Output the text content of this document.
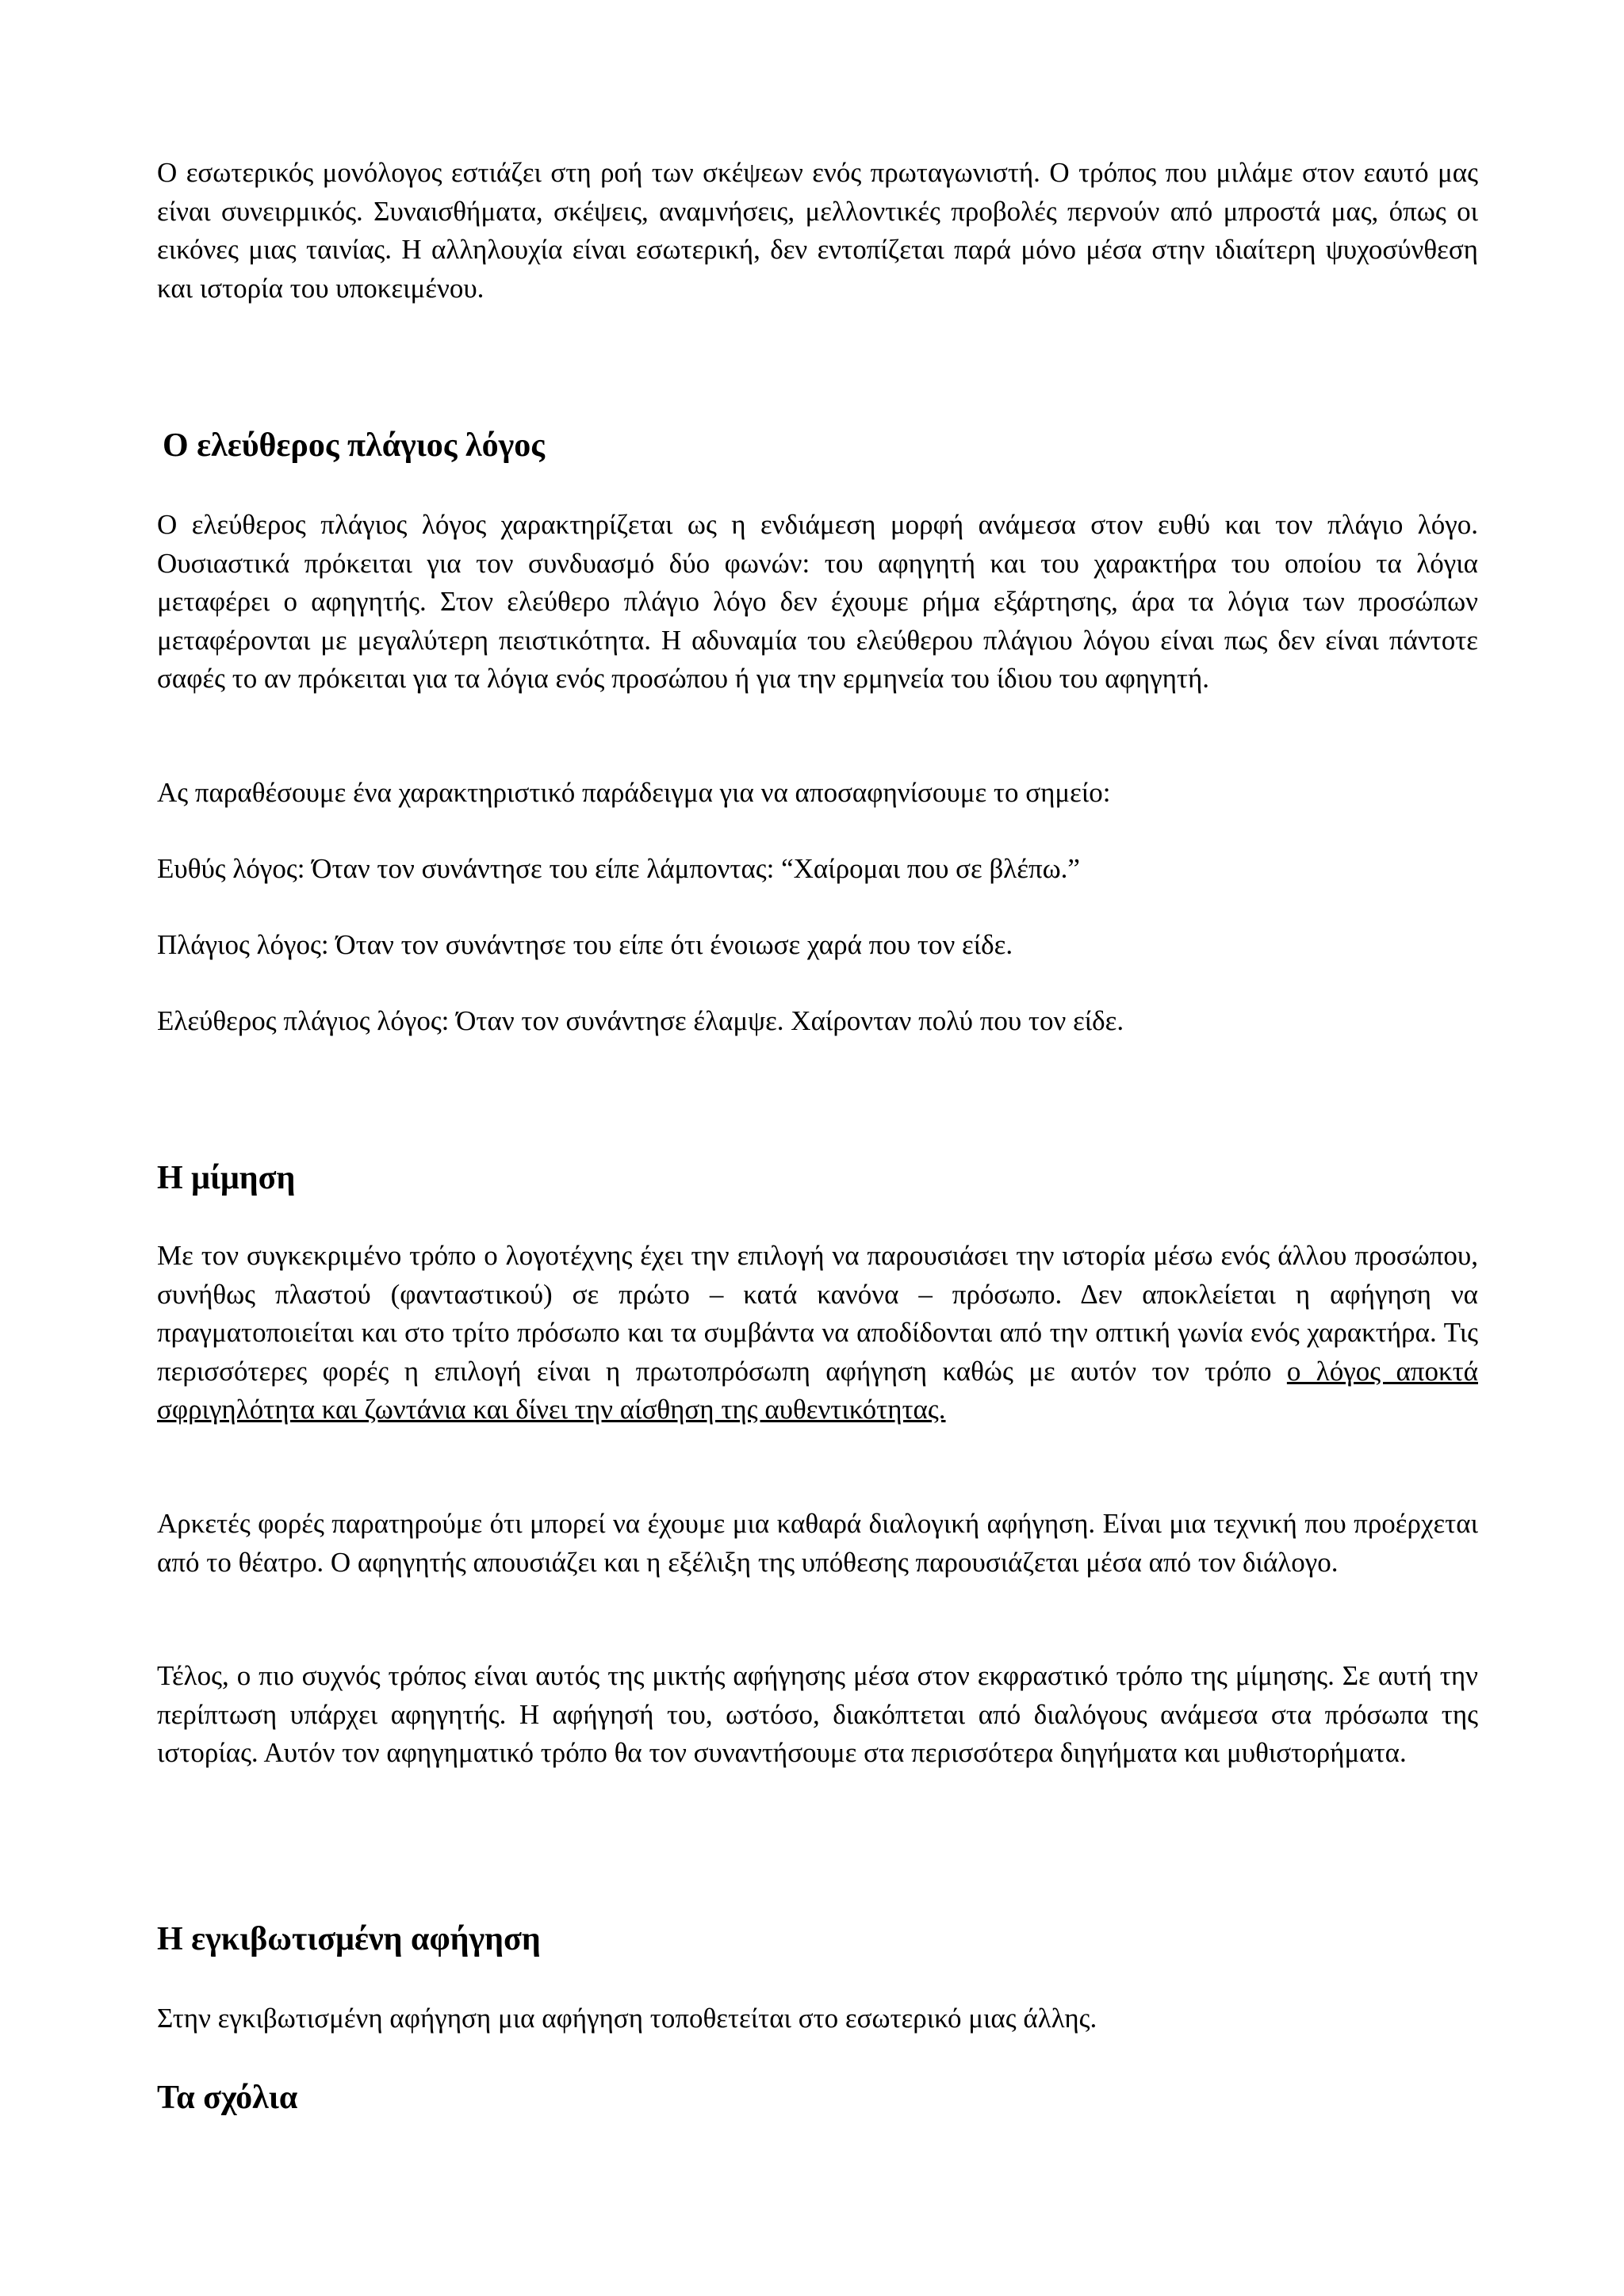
Ο εσωτερικός μονόλογος εστιάζει στη ροή των σκέψεων ενός πρωταγωνιστή. Ο τρόπος που μιλάμε στον εαυτό μας είναι συνειρμικός. Συναισθήματα, σκέψεις, αναμνήσεις, μελλοντικές προβολές περνούν από μπροστά μας, όπως οι εικόνες μιας ταινίας. Η αλληλουχία είναι εσωτερική, δεν εντοπίζεται παρά μόνο μέσα στην ιδιαίτερη ψυχοσύνθεση και ιστορία του υποκειμένου.

Ο ελεύθερος πλάγιος λόγος

Ο ελεύθερος πλάγιος λόγος χαρακτηρίζεται ως η ενδιάμεση μορφή ανάμεσα στον ευθύ και τον πλάγιο λόγο. Ουσιαστικά πρόκειται για τον συνδυασμό δύο φωνών: του αφηγητή και του χαρακτήρα του οποίου τα λόγια μεταφέρει ο αφηγητής. Στον ελεύθερο πλάγιο λόγο δεν έχουμε ρήμα εξάρτησης, άρα τα λόγια των προσώπων μεταφέρονται με μεγαλύτερη πειστικότητα. Η αδυναμία του ελεύθερου πλάγιου λόγου είναι πως δεν είναι πάντοτε σαφές το αν πρόκειται για τα λόγια ενός προσώπου ή για την ερμηνεία του ίδιου του αφηγητή.

Ας παραθέσουμε ένα χαρακτηριστικό παράδειγμα για να αποσαφηνίσουμε το σημείο:

Ευθύς λόγος: Όταν τον συνάντησε του είπε λάμποντας: “Χαίρομαι που σε βλέπω.”

Πλάγιος λόγος: Όταν τον συνάντησε του είπε ότι ένοιωσε χαρά που τον είδε.

Ελεύθερος πλάγιος λόγος: Όταν τον συνάντησε έλαμψε. Χαίρονταν πολύ που τον είδε.

Η μίμηση

Με τον συγκεκριμένο τρόπο ο λογοτέχνης έχει την επιλογή να παρουσιάσει την ιστορία μέσω ενός άλλου προσώπου, συνήθως πλαστού (φανταστικού) σε πρώτο – κατά κανόνα – πρόσωπο. Δεν αποκλείεται η αφήγηση να πραγματοποιείται και στο τρίτο πρόσωπο και τα συμβάντα να αποδίδονται από την οπτική γωνία ενός χαρακτήρα. Τις περισσότερες φορές η επιλογή είναι η πρωτοπρόσωπη αφήγηση καθώς με αυτόν τον τρόπο ο λόγος αποκτά σφριγηλότητα και ζωντάνια και δίνει την αίσθηση της αυθεντικότητας.

Αρκετές φορές παρατηρούμε ότι μπορεί να έχουμε μια καθαρά διαλογική αφήγηση. Είναι μια τεχνική που προέρχεται από το θέατρο. Ο αφηγητής απουσιάζει και η εξέλιξη της υπόθεσης παρουσιάζεται μέσα από τον διάλογο.

Τέλος, ο πιο συχνός τρόπος είναι αυτός της μικτής αφήγησης μέσα στον εκφραστικό τρόπο της μίμησης. Σε αυτή την περίπτωση υπάρχει αφηγητής. Η αφήγησή του, ωστόσο, διακόπτεται από διαλόγους ανάμεσα στα πρόσωπα της ιστορίας. Αυτόν τον αφηγηματικό τρόπο θα τον συναντήσουμε στα περισσότερα διηγήματα και μυθιστορήματα.

Η εγκιβωτισμένη αφήγηση

Στην εγκιβωτισμένη αφήγηση μια αφήγηση τοποθετείται στο εσωτερικό μιας άλλης.

Τα σχόλια
